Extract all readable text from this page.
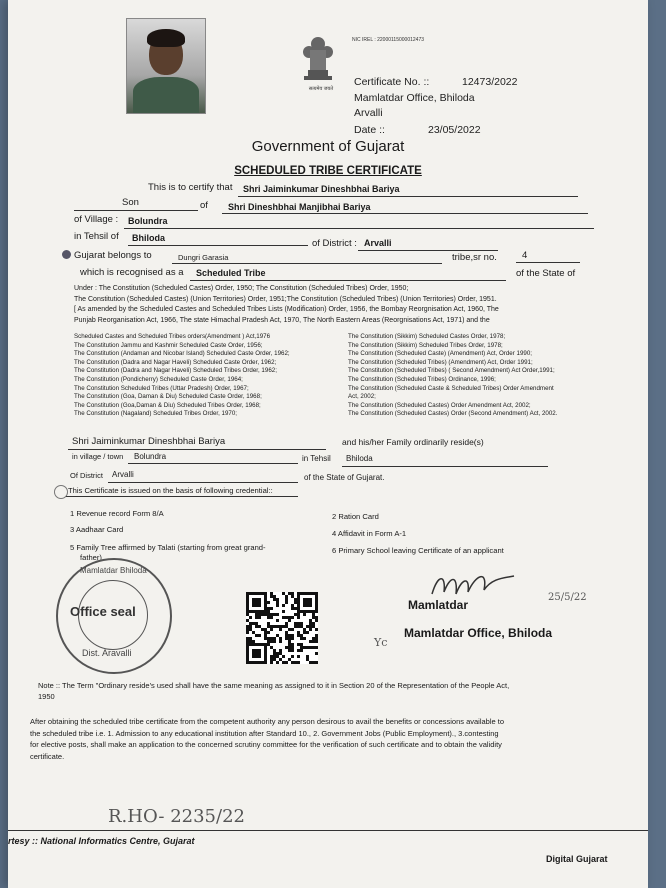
सत्यमेव जयते
NIC IREL : 22000115000012473
Certificate No. ::	12473/2022
Mamlatdar Office, Bhiloda
Arvalli
Date ::	23/05/2022
Government of Gujarat
SCHEDULED TRIBE CERTIFICATE
This is to certify that Shri Jaiminkumar Dineshbhai Bariya
Son	of Shri Dineshbhai Manjibhai Bariya
of Village : Bolundra
in Tehsil of Bhiloda	of District : Arvalli
Gujarat belongs to	Dungri Garasia	tribe,sr no.	4
which is recognised as a Scheduled Tribe	of the State of
Under : The Constitution (Scheduled Castes) Order, 1950; The Constitution (Scheduled Tribes) Order, 1950;
The Constitution (Scheduled Castes) (Union Territories) Order, 1951;The Constitution (Scheduled Tribes) (Union Territories) Order, 1951.
[ As amended by the Scheduled Castes and Scheduled Tribes Lists (Modification) Order, 1956, the Bombay Reorgnisation Act, 1960, The
Punjab Reorganisation Act, 1966, The state Himachal Pradesh Act, 1970, The North Eastern Areas (Reorgnisations Act, 1971) and the
Scheduled Castes and Scheduled Tribes orders(Amendment ) Act,1976
The Constitution Jammu and Kashmir Scheduled Caste Order, 1956;
The Constitution (Andaman and Nicobar Island) Scheduled Caste Order, 1962;
The Constitution (Dadra and Nagar Haveli) Scheduled Caste Order, 1962;
The Constitution (Dadra and Nagar Haveli) Scheduled Tribes Order, 1962;
The Constitution (Pondicherry) Scheduled Caste Order, 1964;
The Constitution Scheduled Tribes (Uttar Pradesh) Order, 1967;
The Constitution (Goa, Daman & Diu) Scheduled Caste Order, 1968;
The Constitution (Goa,Daman & Diu) Scheduled Tribes Order, 1968;
The Constitution (Nagaland) Scheduled Tribes Order, 1970;
The Constitution (Sikkim) Scheduled Castes Order, 1978;
The Constitution (Sikkim) Scheduled Tribes Order, 1978;
The Constitution (Scheduled Caste) (Amendment) Act, Order 1990;
The Constitution (Scheduled Tribes) (Amendment) Act, Order 1991;
The Constitution (Scheduled Tribes) ( Second Amendment) Act Order,1991;
The Constitution (Scheduled Tribes) Ordinance, 1996;
The Constitution (Scheduled Caste & Scheduled Tribes) Order Amendment
Act, 2002;
The Constitution (Scheduled Castes) Order Amendment Act, 2002;
The Constitution (Scheduled Castes) Order (Second Amendment) Act, 2002.
Shri Jaiminkumar Dineshbhai Bariya	and his/her Family ordinarily reside(s)
in village / town Bolundra	in Tehsil Bhiloda
Of District Arvalli	of the State of Gujarat.
This Certificate is issued on the basis of following credential::
1 Revenue record Form 8/A	2 Ration Card
3 Aadhaar Card	4 Affidavit in Form A-1
5 Family Tree affirmed by Talati (starting from great grand-
father)
6 Primary School leaving Certificate of an applicant
Mamlatdar Bhiloda
Office seal
Dist. Aravalli
25/5/22
Mamlatdar
Mamlatdar Office, Bhiloda
Yc
Note :: The Term "Ordinary reside's used shall have the same meaning as assigned to it in Section 20 of the Representation of the People Act,
1950
After obtaining the scheduled tribe certificate from the competent authority any person desirous to avail the benefits or concessions available to
the scheduled tribe i.e. 1. Admission to any educational institution after Standard 10., 2. Government Jobs (Public Employment)., 3.contesting
for elective posts, shall make an application to the concerned scrutiny committee for the verification of such certificate and to obtain the validity
certificate.
R.HO- 2235/22
rtesy :: National Informatics Centre, Gujarat
Digital Gujarat
